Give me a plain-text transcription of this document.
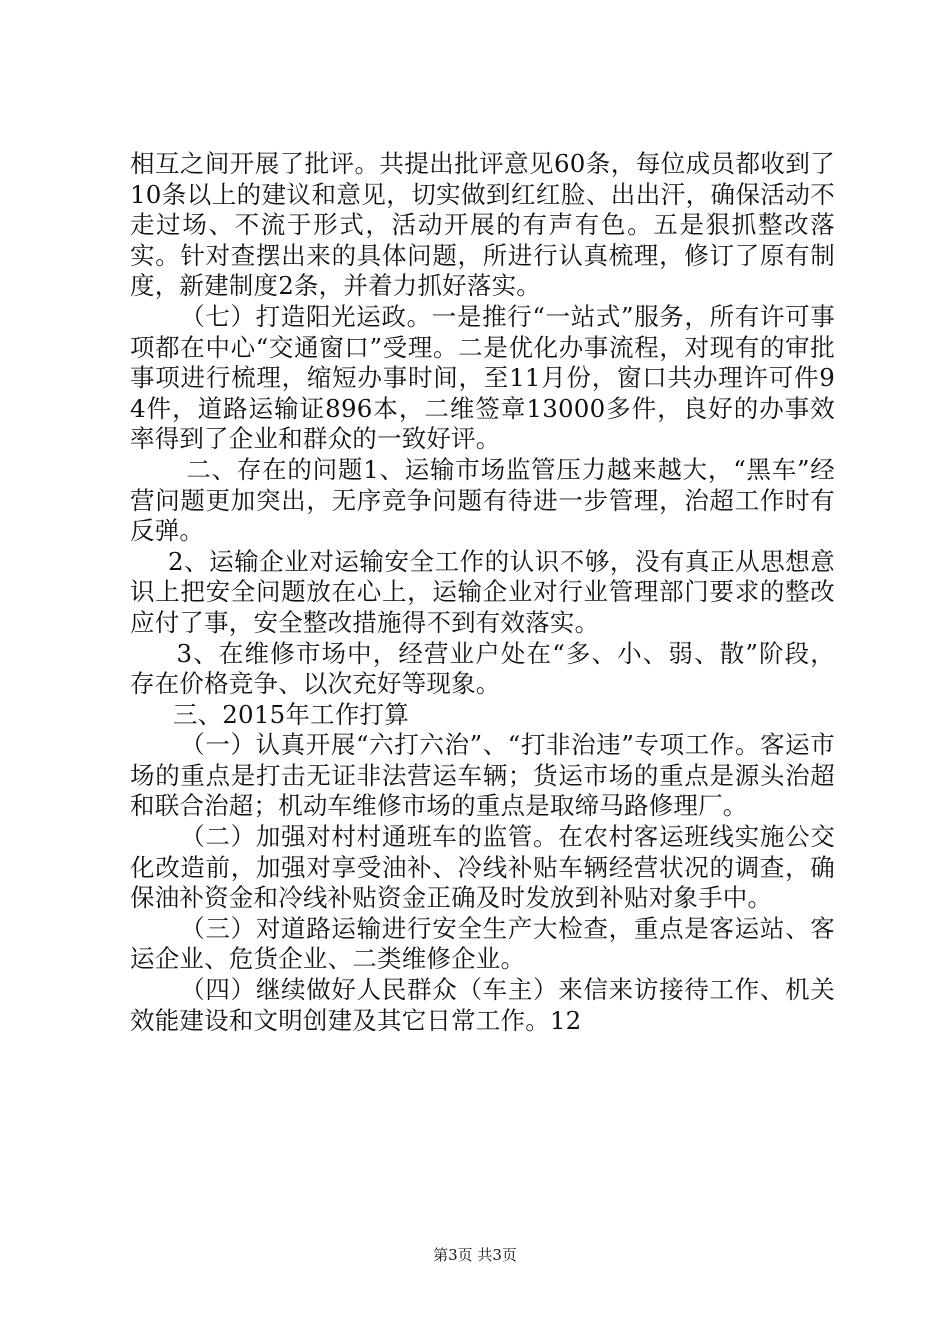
相互之间开展了批评。共提出批评意见60条，每位成员都收到了10条以上的建议和意见，切实做到红红脸、出出汗，确保活动不走过场、不流于形式，活动开展的有声有色。五是狠抓整改落实。针对查摆出来的具体问题，所进行认真梳理，修订了原有制度，新建制度2条，并着力抓好落实。

（七）打造阳光运政。一是推行“一站式”服务，所有许可事项都在中心“交通窗口”受理。二是优化办事流程，对现有的审批事项进行梳理，缩短办事时间，至11月份，窗口共办理许可件94件，道路运输证896本，二维签章13000多件，良好的办事效率得到了企业和群众的一致好评。

二、存在的问题1、运输市场监管压力越来越大，“黑车”经营问题更加突出，无序竞争问题有待进一步管理，治超工作时有反弹。

2、运输企业对运输安全工作的认识不够，没有真正从思想意识上把安全问题放在心上，运输企业对行业管理部门要求的整改应付了事，安全整改措施得不到有效落实。

3、在维修市场中，经营业户处在“多、小、弱、散”阶段，存在价格竞争、以次充好等现象。

三、2015年工作打算

（一）认真开展“六打六治”、“打非治违”专项工作。客运市场的重点是打击无证非法营运车辆；货运市场的重点是源头治超和联合治超；机动车维修市场的重点是取缔马路修理厂。

（二）加强对村村通班车的监管。在农村客运班线实施公交化改造前，加强对享受油补、冷线补贴车辆经营状况的调查，确保油补资金和冷线补贴资金正确及时发放到补贴对象手中。

（三）对道路运输进行安全生产大检查，重点是客运站、客运企业、危货企业、二类维修企业。

（四）继续做好人民群众（车主）来信来访接待工作、机关效能建设和文明创建及其它日常工作。12

第3页 共3页
